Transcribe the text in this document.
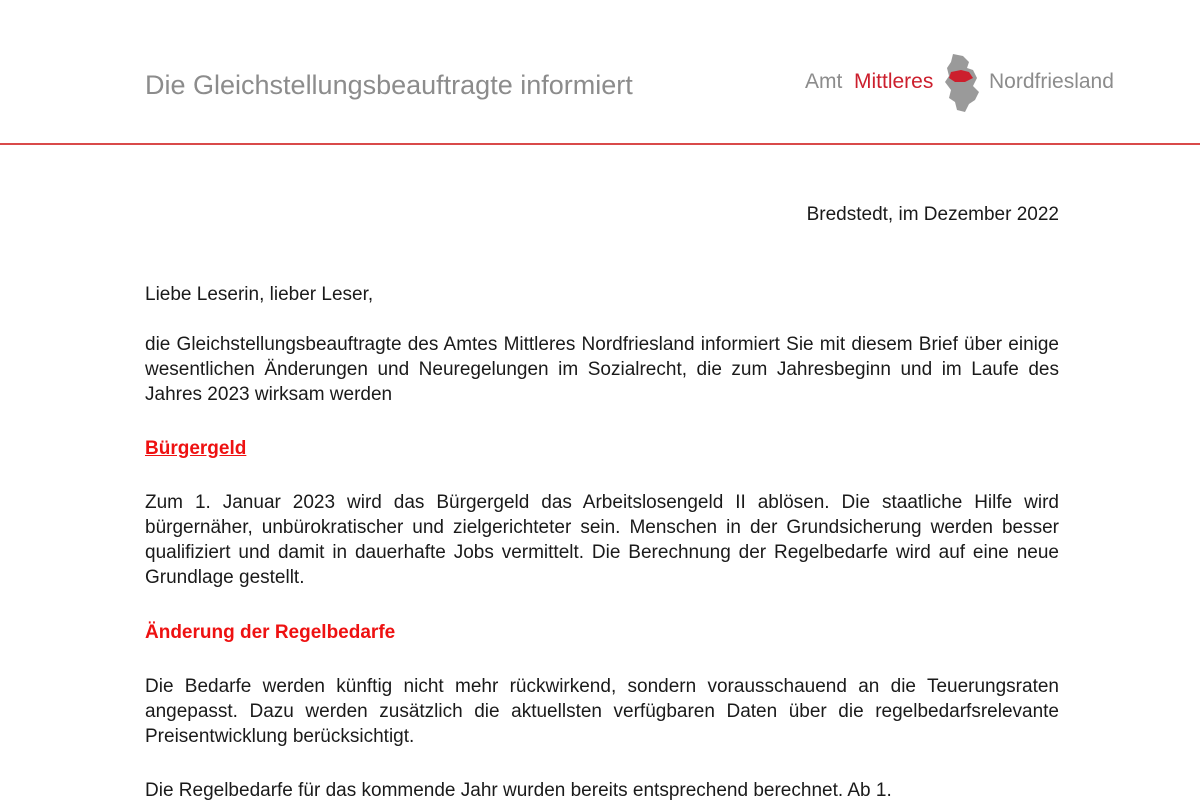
Die Gleichstellungsbeauftragte informiert	Amt Mittleres	Nordfriesland
Bredstedt, im Dezember 2022
Liebe Leserin, lieber Leser,
die Gleichstellungsbeauftragte des Amtes Mittleres Nordfriesland informiert Sie mit diesem Brief über einige wesentlichen Änderungen und Neuregelungen im Sozialrecht, die zum Jahresbeginn und im Laufe des Jahres 2023 wirksam werden
Bürgergeld
Zum 1. Januar 2023 wird das Bürgergeld das Arbeitslosengeld II ablösen. Die staatliche Hilfe wird bürgernäher, unbürokratischer und zielgerichteter sein. Menschen in der Grundsicherung werden besser qualifiziert und damit in dauerhafte Jobs vermittelt. Die Berechnung der Regelbedarfe wird auf eine neue Grundlage gestellt.
Änderung der Regelbedarfe
Die Bedarfe werden künftig nicht mehr rückwirkend, sondern vorausschauend an die Teuerungsraten angepasst. Dazu werden zusätzlich die aktuellsten verfügbaren Daten über die regelbedarfsrelevante Preisentwicklung berücksichtigt.
Die Regelbedarfe für das kommende Jahr wurden bereits entsprechend berechnet. Ab 1.
